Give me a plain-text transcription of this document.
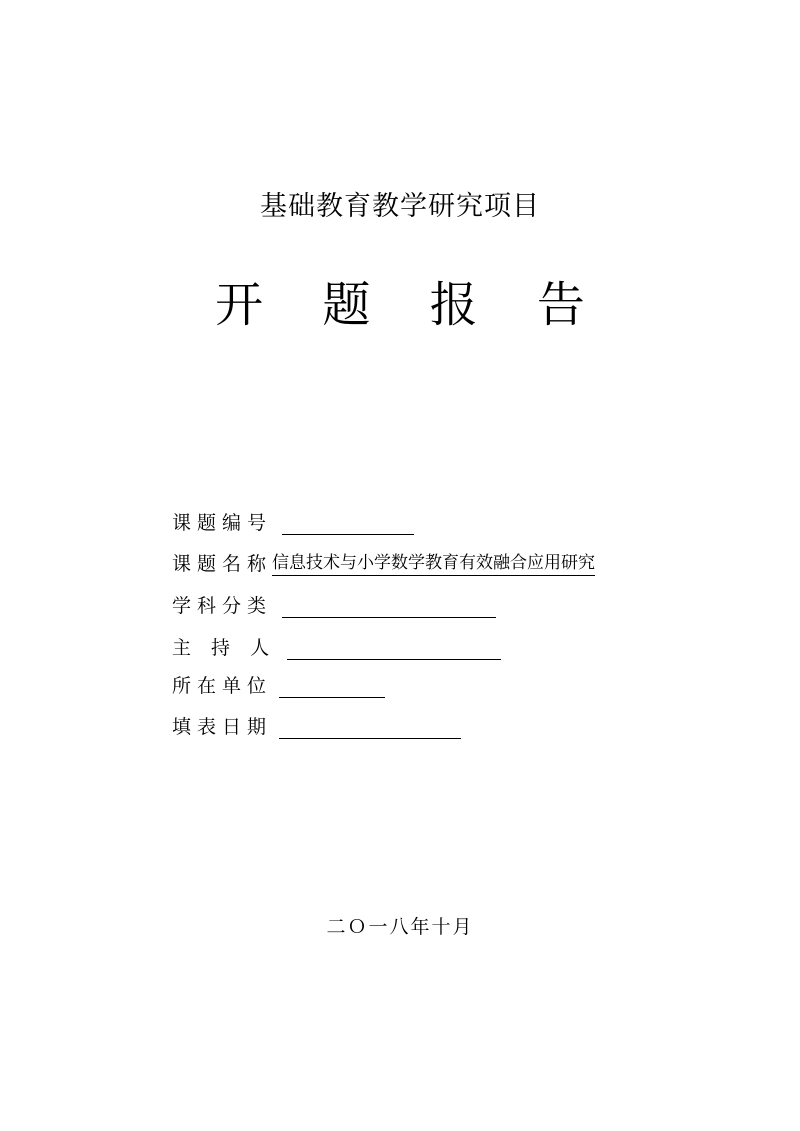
基础教育教学研究项目
开 题 报 告
课题编号
课题名称 信息技术与小学数学教育有效融合应用研究
学科分类
主 持 人
所在单位
填表日期
二Ｏ一八年十月
